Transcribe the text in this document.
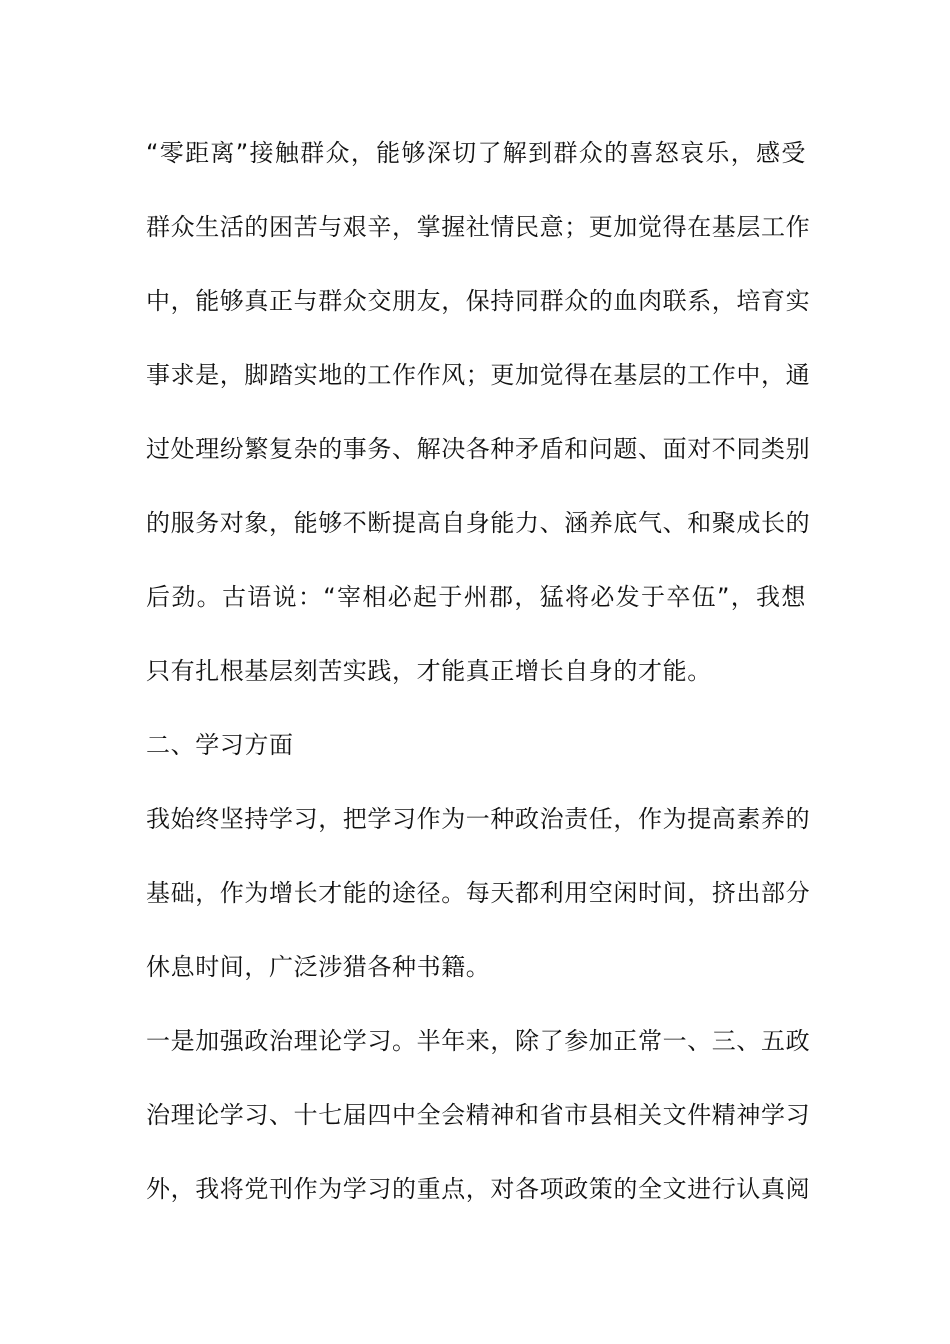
“零距离”接触群众，能够深切了解到群众的喜怒哀乐，感受
群众生活的困苦与艰辛，掌握社情民意；更加觉得在基层工作
中，能够真正与群众交朋友，保持同群众的血肉联系，培育实
事求是，脚踏实地的工作作风；更加觉得在基层的工作中，通
过处理纷繁复杂的事务、解决各种矛盾和问题、面对不同类别
的服务对象，能够不断提高自身能力、涵养底气、和聚成长的
后劲。古语说：“宰相必起于州郡，猛将必发于卒伍”，我想
只有扎根基层刻苦实践，才能真正增长自身的才能。
二、学习方面
我始终坚持学习，把学习作为一种政治责任，作为提高素养的
基础，作为增长才能的途径。每天都利用空闲时间，挤出部分
休息时间，广泛涉猎各种书籍。
一是加强政治理论学习。半年来，除了参加正常一、三、五政
治理论学习、十七届四中全会精神和省市县相关文件精神学习
外，我将党刊作为学习的重点，对各项政策的全文进行认真阅
